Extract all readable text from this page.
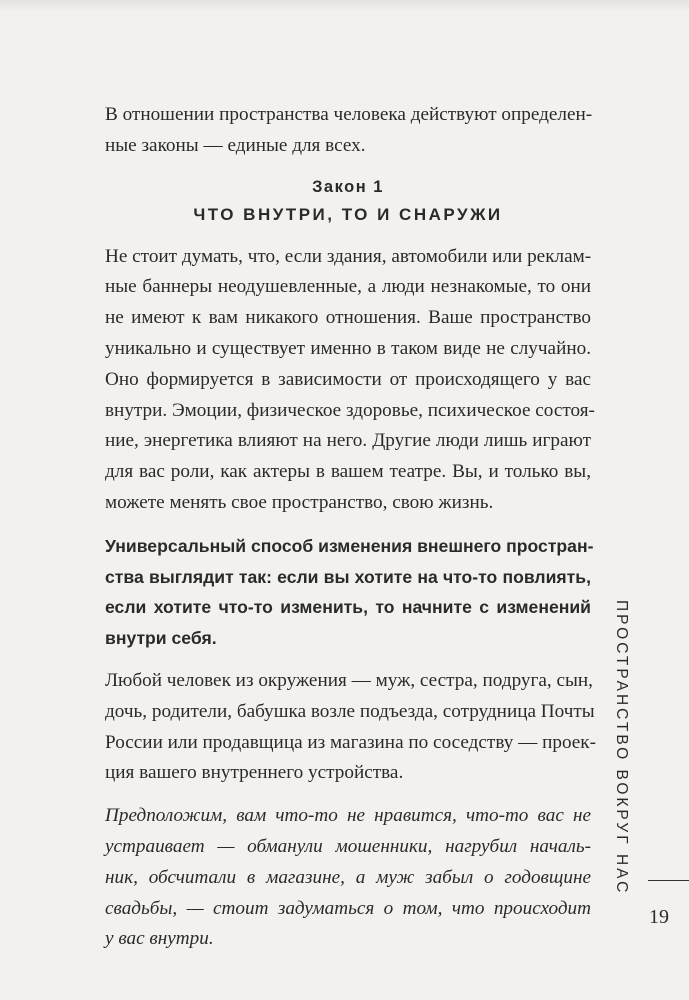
В отношении пространства человека действуют определен-
ные законы — единые для всех.
Закон 1
ЧТО ВНУТРИ, ТО И СНАРУЖИ
Не стоит думать, что, если здания, автомобили или реклам-
ные баннеры неодушевленные, а люди незнакомые, то они
не имеют к вам никакого отношения. Ваше пространство
уникально и существует именно в таком виде не случайно.
Оно формируется в зависимости от происходящего у вас
внутри. Эмоции, физическое здоровье, психическое состоя-
ние, энергетика влияют на него. Другие люди лишь играют
для вас роли, как актеры в вашем театре. Вы, и только вы,
можете менять свое пространство, свою жизнь.
Универсальный способ изменения внешнего простран-
ства выглядит так: если вы хотите на что-то повлиять,
если хотите что-то изменить, то начните с изменений
внутри себя.
Любой человек из окружения — муж, сестра, подруга, сын,
дочь, родители, бабушка возле подъезда, сотрудница Почты
России или продавщица из магазина по соседству — проек-
ция вашего внутреннего устройства.
Предположим, вам что-то не нравится, что-то вас не
устраивает — обманули мошенники, нагрубил началь-
ник, обсчитали в магазине, а муж забыл о годовщине
свадьбы, — стоит задуматься о том, что происходит
у вас внутри.
ПРОСТРАНСТВО ВОКРУГ НАС
19
